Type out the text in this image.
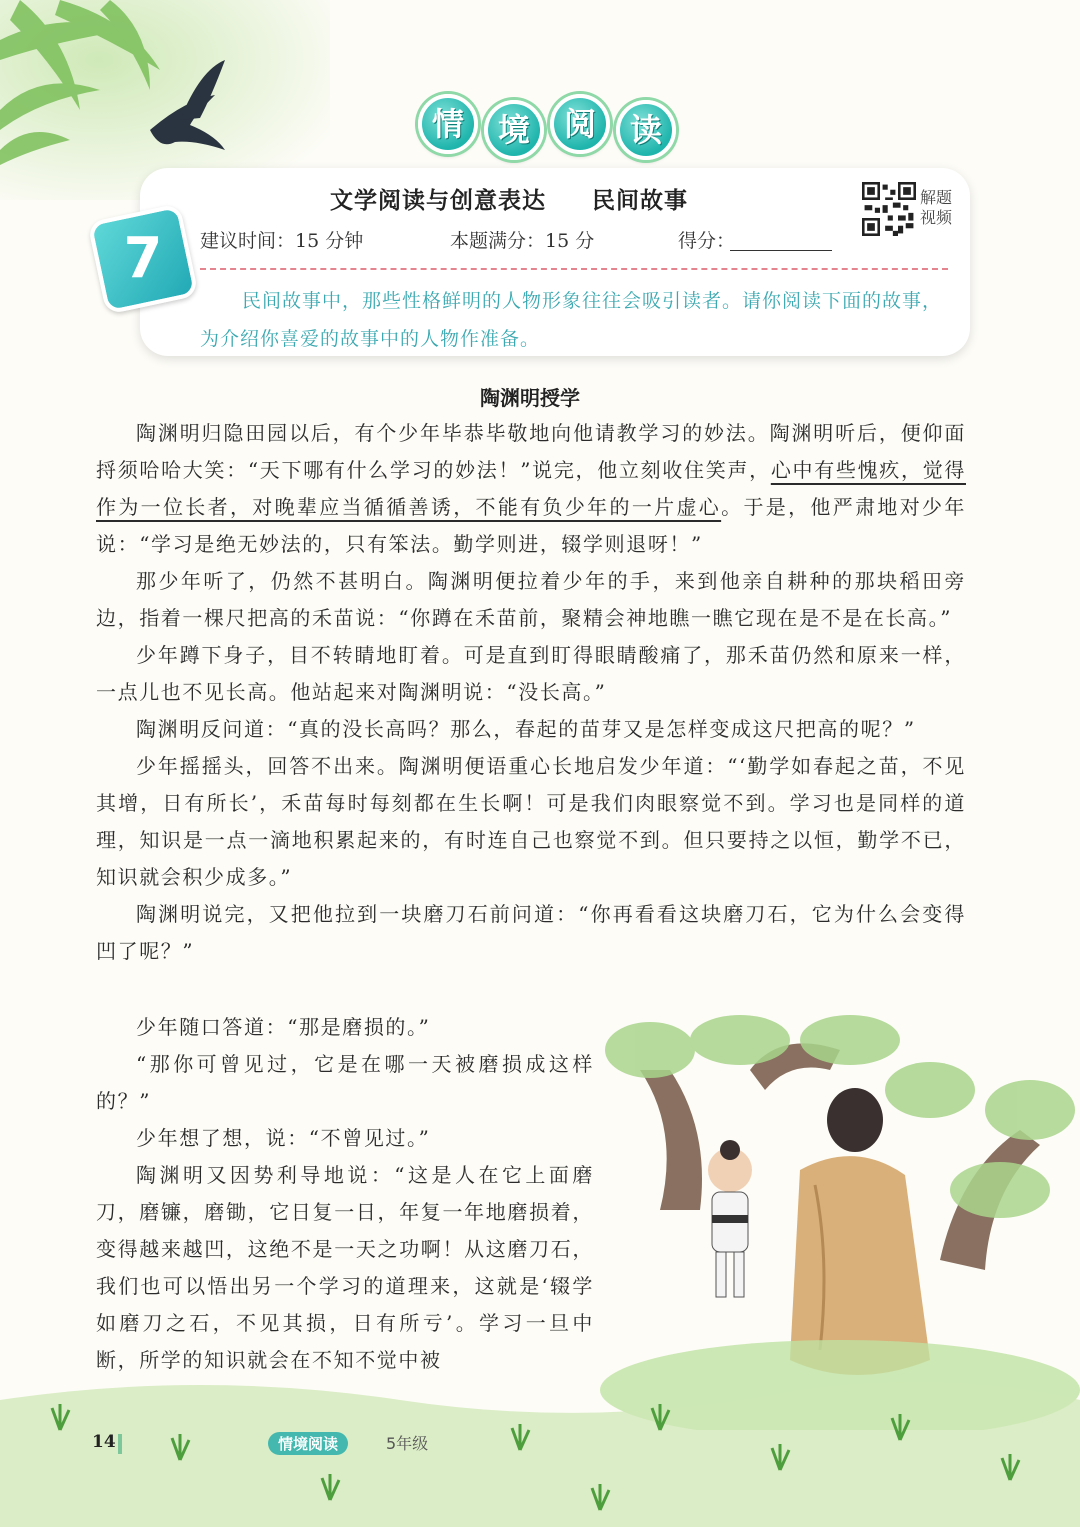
情	境	阅	读
7
文学阅读与创意表达 民间故事
建议时间：15 分钟	本题满分：15 分	得分：
解题视频
民间故事中，那些性格鲜明的人物形象往往会吸引读者。请你阅读下面的故事，为介绍你喜爱的故事中的人物作准备。
陶渊明授学

陶渊明归隐田园以后，有个少年毕恭毕敬地向他请教学习的妙法。陶渊明听后，便仰面捋须哈哈大笑：“天下哪有什么学习的妙法！”说完，他立刻收住笑声，心中有些愧疚，觉得作为一位长者，对晚辈应当循循善诱，不能有负少年的一片虚心。于是，他严肃地对少年说：“学习是绝无妙法的，只有笨法。勤学则进，辍学则退呀！”

那少年听了，仍然不甚明白。陶渊明便拉着少年的手，来到他亲自耕种的那块稻田旁边，指着一棵尺把高的禾苗说：“你蹲在禾苗前，聚精会神地瞧一瞧它现在是不是在长高。”

少年蹲下身子，目不转睛地盯着。可是直到盯得眼睛酸痛了，那禾苗仍然和原来一样，一点儿也不见长高。他站起来对陶渊明说：“没长高。”

陶渊明反问道：“真的没长高吗？那么，春起的苗芽又是怎样变成这尺把高的呢？”

少年摇摇头，回答不出来。陶渊明便语重心长地启发少年道：“‘勤学如春起之苗，不见其增，日有所长’，禾苗每时每刻都在生长啊！可是我们肉眼察觉不到。学习也是同样的道理，知识是一点一滴地积累起来的，有时连自己也察觉不到。但只要持之以恒，勤学不已，知识就会积少成多。”

陶渊明说完，又把他拉到一块磨刀石前问道：“你再看看这块磨刀石，它为什么会变得凹了呢？”

少年随口答道：“那是磨损的。”

“那你可曾见过，它是在哪一天被磨损成这样的？”

少年想了想，说：“不曾见过。”

陶渊明又因势利导地说：“这是人在它上面磨刀，磨镰，磨锄，它日复一日，年复一年地磨损着，变得越来越凹，这绝不是一天之功啊！从这磨刀石，我们也可以悟出另一个学习的道理来，这就是‘辍学如磨刀之石，不见其损，日有所亏’。学习一旦中断，所学的知识就会在不知不觉中被

14	情境阅读	5年级
